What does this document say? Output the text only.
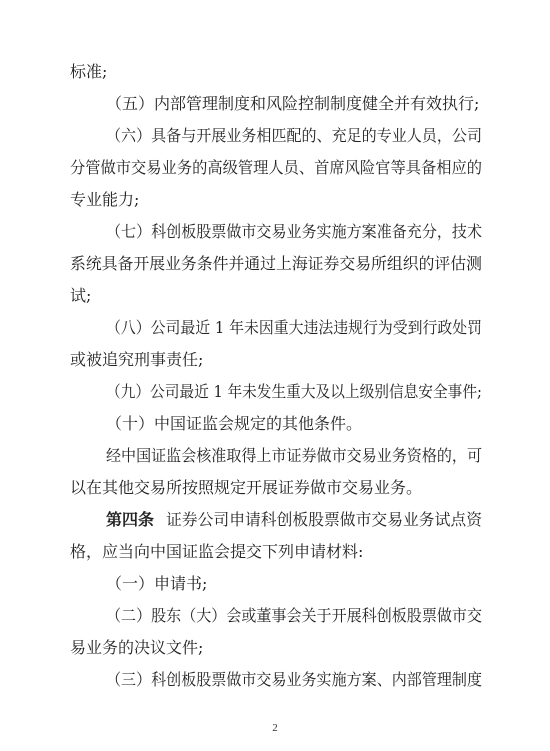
标准;
（五）内部管理制度和风险控制制度健全并有效执行;
（六）具备与开展业务相匹配的、充足的专业人员，公司
分管做市交易业务的高级管理人员、首席风险官等具备相应的
专业能力;
（七）科创板股票做市交易业务实施方案准备充分，技术
系统具备开展业务条件并通过上海证券交易所组织的评估测
试;
（八）公司最近 1 年未因重大违法违规行为受到行政处罚
或被追究刑事责任;
（九）公司最近 1 年未发生重大及以上级别信息安全事件;
（十）中国证监会规定的其他条件。
经中国证监会核准取得上市证券做市交易业务资格的，可
以在其他交易所按照规定开展证券做市交易业务。
第四条 证券公司申请科创板股票做市交易业务试点资
格，应当向中国证监会提交下列申请材料:
（一）申请书;
（二）股东（大）会或董事会关于开展科创板股票做市交
易业务的决议文件;
（三）科创板股票做市交易业务实施方案、内部管理制度
2
